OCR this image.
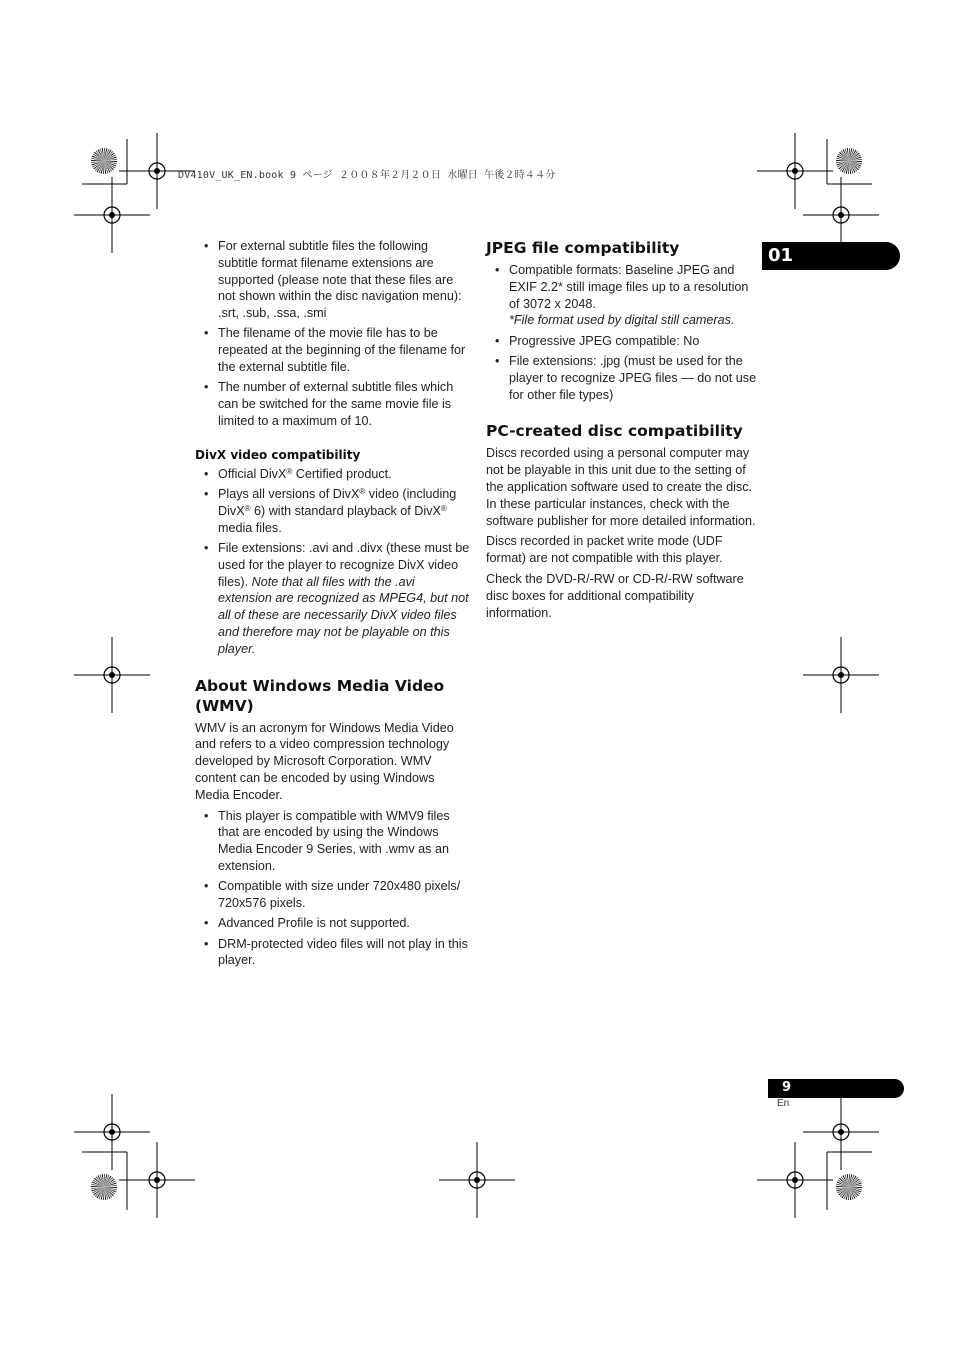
DV410V_UK_EN.book 9 ページ ２００８年２月２０日 水曜日 午後２時４４分
01
• For external subtitle files the following subtitle format filename extensions are supported (please note that these files are not shown within the disc navigation menu): .srt, .sub, .ssa, .smi
• The filename of the movie file has to be repeated at the beginning of the filename for the external subtitle file.
• The number of external subtitle files which can be switched for the same movie file is limited to a maximum of 10.
DivX video compatibility
• Official DivX® Certified product.
• Plays all versions of DivX® video (including DivX® 6) with standard playback of DivX® media files.
• File extensions: .avi and .divx (these must be used for the player to recognize DivX video files). Note that all files with the .avi extension are recognized as MPEG4, but not all of these are necessarily DivX video files and therefore may not be playable on this player.
About Windows Media Video (WMV)

WMV is an acronym for Windows Media Video and refers to a video compression technology developed by Microsoft Corporation. WMV content can be encoded by using Windows Media Encoder.

• This player is compatible with WMV9 files that are encoded by using the Windows Media Encoder 9 Series, with .wmv as an extension.
• Compatible with size under 720x480 pixels/ 720x576 pixels.
• Advanced Profile is not supported.
• DRM-protected video files will not play in this player.
JPEG file compatibility
• Compatible formats: Baseline JPEG and EXIF 2.2* still image files up to a resolution of 3072 x 2048.
*File format used by digital still cameras.
• Progressive JPEG compatible: No
• File extensions: .jpg (must be used for the player to recognize JPEG files — do not use for other file types)
PC-created disc compatibility

Discs recorded using a personal computer may not be playable in this unit due to the setting of the application software used to create the disc. In these particular instances, check with the software publisher for more detailed information.

Discs recorded in packet write mode (UDF format) are not compatible with this player.

Check the DVD-R/-RW or CD-R/-RW software disc boxes for additional compatibility information.

9
En
